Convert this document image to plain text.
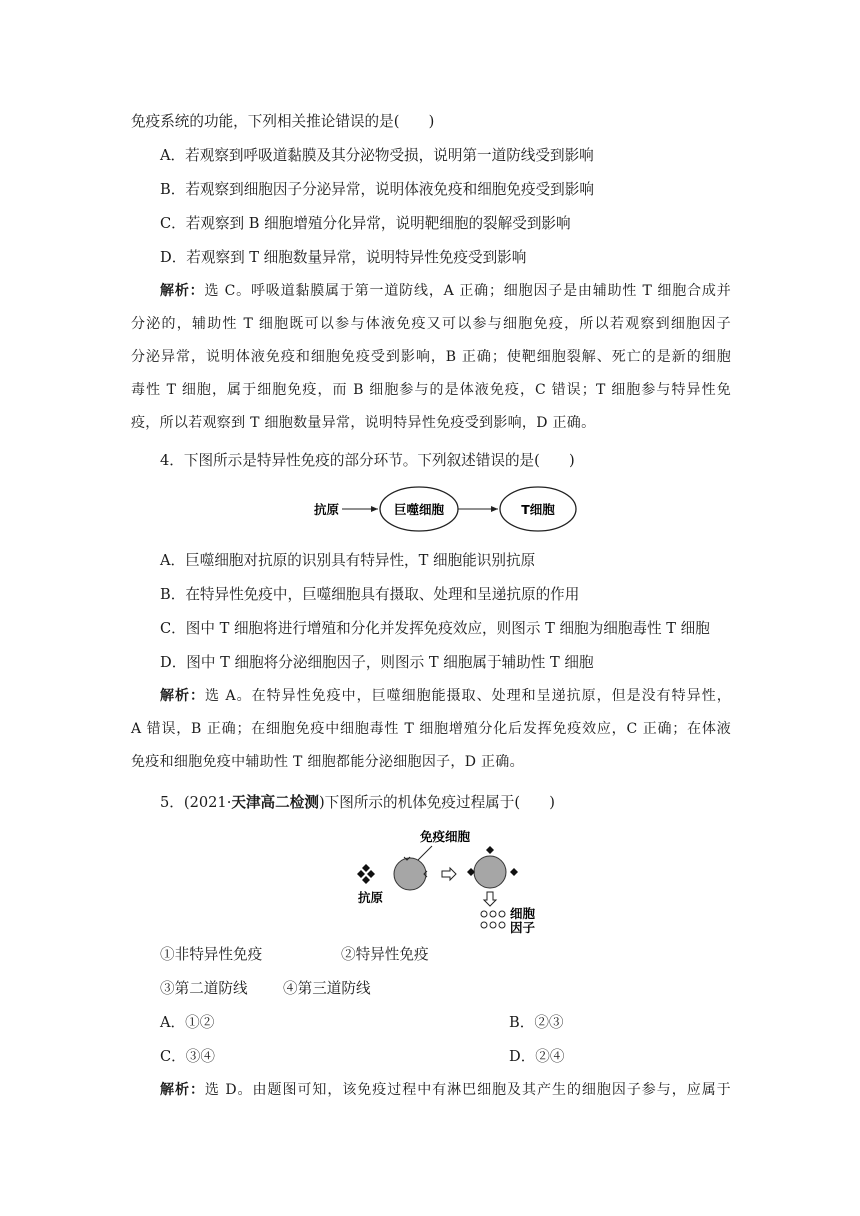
免疫系统的功能，下列相关推论错误的是(　　)
A．若观察到呼吸道黏膜及其分泌物受损，说明第一道防线受到影响
B．若观察到细胞因子分泌异常，说明体液免疫和细胞免疫受到影响
C．若观察到 B 细胞增殖分化异常，说明靶细胞的裂解受到影响
D．若观察到 T 细胞数量异常，说明特异性免疫受到影响
解析：选 C。呼吸道黏膜属于第一道防线，A 正确；细胞因子是由辅助性 T 细胞合成并
分泌的，辅助性 T 细胞既可以参与体液免疫又可以参与细胞免疫，所以若观察到细胞因子
分泌异常，说明体液免疫和细胞免疫受到影响，B 正确；使靶细胞裂解、死亡的是新的细胞
毒性 T 细胞，属于细胞免疫，而 B 细胞参与的是体液免疫，C 错误；T 细胞参与特异性免
疫，所以若观察到 T 细胞数量异常，说明特异性免疫受到影响，D 正确。
4．下图所示是特异性免疫的部分环节。下列叙述错误的是(　　)
抗原	巨噬细胞	T细胞
A．巨噬细胞对抗原的识别具有特异性，T 细胞能识别抗原
B．在特异性免疫中，巨噬细胞具有摄取、处理和呈递抗原的作用
C．图中 T 细胞将进行增殖和分化并发挥免疫效应，则图示 T 细胞为细胞毒性 T 细胞
D．图中 T 细胞将分泌细胞因子，则图示 T 细胞属于辅助性 T 细胞
解析：选 A。在特异性免疫中，巨噬细胞能摄取、处理和呈递抗原，但是没有特异性，
A 错误，B 正确；在细胞免疫中细胞毒性 T 细胞增殖分化后发挥免疫效应，C 正确；在体液
免疫和细胞免疫中辅助性 T 细胞都能分泌细胞因子，D 正确。
5．(2021·天津高二检测)下图所示的机体免疫过程属于(　　)
免疫细胞
抗原
细胞
因子
①非特异性免疫	②特异性免疫
③第二道防线 ④第三道防线
A．①②	B．②③
C．③④	D．②④
解析：选 D。由题图可知，该免疫过程中有淋巴细胞及其产生的细胞因子参与，应属于
